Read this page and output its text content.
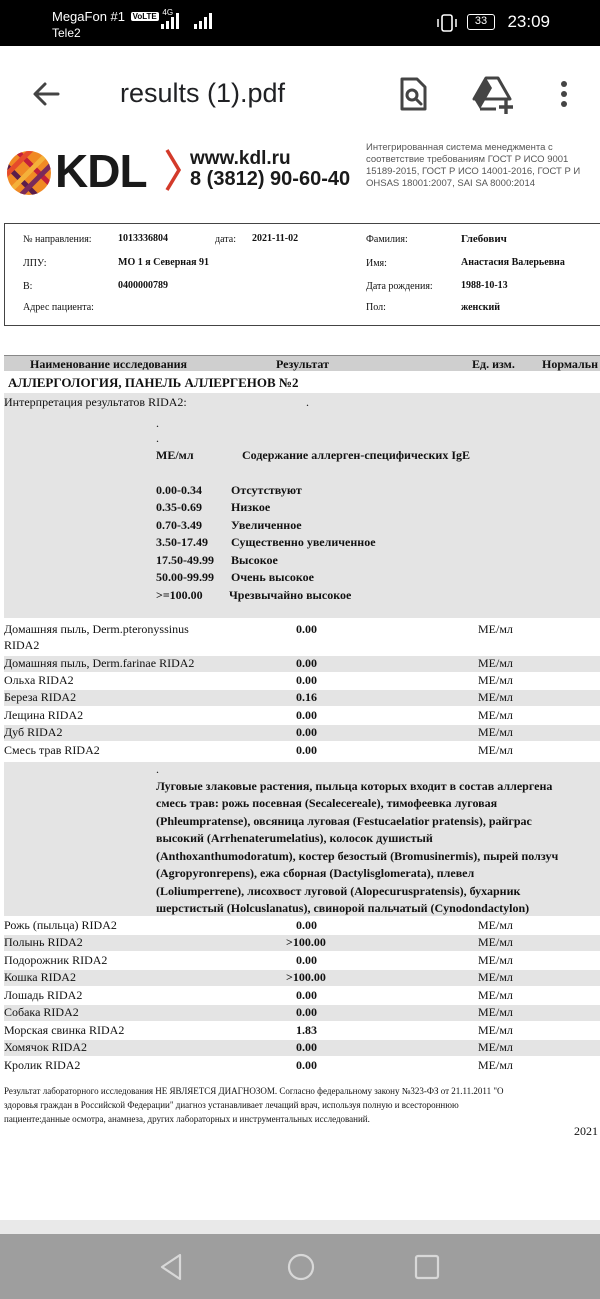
MegaFon #1 VoLTE $^{4G}$
Tele2
33	23:09
results (1).pdf
KDL www.kdl.ru
8 (3812) 90-60-40
Интегрированная система менеджмента с
соответствие требованиям ГОСТ Р ИСО 9001
15189-2015, ГОСТ Р ИСО 14001-2016, ГОСТ Р И
OHSAS 18001:2007, SAI SA 8000:2014
№ направления:	1013336804	дата: 2021-11-02
ЛПУ:	МО 1 я Северная 91
В:	0400000789
Адрес пациента:
Фамилия:	Глебович
Имя:	Анастасия Валерьевна
Дата рождения:	1988-10-13
Пол:	женский
Наименование исследования	Результат	Ед. изм. Нормальн
АЛЛЕРГОЛОГИЯ, ПАНЕЛЬ АЛЛЕРГЕНОВ №2
Интерпретация результатов RIDA2:	.
.
.
МЕ/мл	Содержание аллерген-специфических IgE
0.00-0.34 Отсутствуют
0.35-0.69 Низкое
0.70-3.49 Увеличенное
3.50-17.49 Существенно увеличенное
17.50-49.99 Высокое
50.00-99.99 Очень высокое
>=100.00 Чрезвычайно высокое
Домашняя пыль, Derm.pteronyssinus
RIDA2
0.00	МЕ/мл
Домашняя пыль, Derm.farinae RIDA2	0.00	МЕ/мл
Ольха RIDA2	0.00	МЕ/мл
Береза RIDA2	0.16	МЕ/мл
Лещина RIDA2	0.00	МЕ/мл
Дуб RIDA2	0.00	МЕ/мл
Смесь трав RIDA2	0.00	МЕ/мл
.
Луговые злаковые растения, пыльца которых входит в состав аллергена
смесь трав: рожь посевная (Secalecereale), тимофеевка луговая
(Phleumpratense), овсяница луговая (Festucaelatior pratensis), райграс
высокий (Arrhenaterumelatius), колосок душистый
(Anthoxanthumodoratum), костер безостый (Bromusinermis), пырей ползуч
(Agropyronrepens), ежа сборная (Dactylisglomerata), плевел
(Loliumperrene), лисохвост луговой (Alopecuruspratensis), бухарник
шерстистый (Holcuslanatus), свинорой пальчатый (Cynodondactylon)
Рожь (пыльца) RIDA2	0.00	МЕ/мл
Полынь RIDA2	>100.00	МЕ/мл
Подорожник RIDA2	0.00	МЕ/мл
Кошка RIDA2	>100.00	МЕ/мл
Лошадь RIDA2	0.00	МЕ/мл
Собака RIDA2	0.00	МЕ/мл
Морская свинка RIDA2	1.83	МЕ/мл
Хомячок RIDA2	0.00	МЕ/мл
Кролик RIDA2	0.00	МЕ/мл
Результат лабораторного исследования НЕ ЯВЛЯЕТСЯ ДИАГНОЗОМ. Согласно федеральному закону №323-ФЗ от 21.11.2011 "О
здоровья граждан в Российской Федерации" диагноз устанавливает лечащий врач, используя полную и всестороннюю
пациенте:данные осмотра, анамнеза, других лабораторных и инструментальных исследований.
2021
